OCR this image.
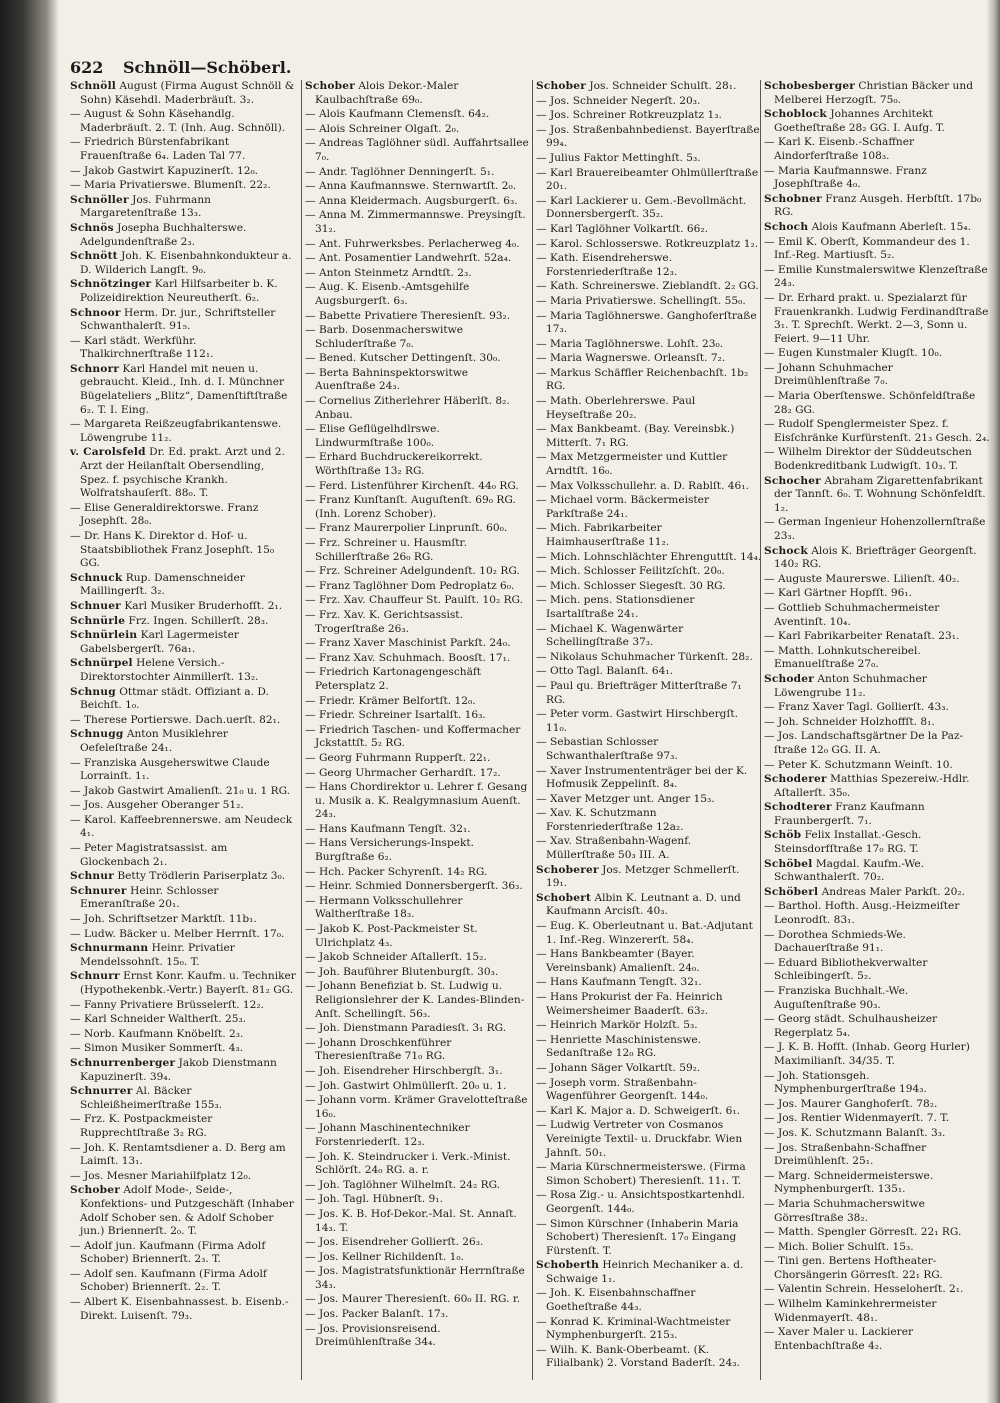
622 Schnöll—Schöberl.
Schnöll August (Firma August Schnöll & Sohn) Käsehdl. Maderbräuſt. 3₂.
— August & Sohn Käsehandlg. Maderbräuſt. 2. T. (Inh. Aug. Schnöll).
— Friedrich Bürstenfabrikant Frauenſtraße 6₄. Laden Tal 77.
— Jakob Gastwirt Kapuzinerſt. 12₀.
— Maria Privatierswe. Blumenſt. 22₂.
Schnöller Jos. Fuhrmann Margaretenſtraße 13₃.
Schnös Josepha Buchhalterswe. Adelgundenſtraße 2₃.
Schnött Joh. K. Eisenbahnkondukteur a. D. Wilderich Langſt. 9₀.
Schnötzinger Karl Hilfsarbeiter b. K. Polizeidirektion Neureutherſt. 6₂.
Schnoor Herm. Dr. jur., Schriftsteller Schwanthalerſt. 91₅.
— Karl städt. Werkführ. Thalkirchnerſtraße 112₁.
Schnorr Karl Handel mit neuen u. gebraucht. Kleid., Inh. d. I. Münchner Bügelateliers „Blitz“, Damenſtiftſtraße 6₂. T. I. Eing.
— Margareta Reißzeugfabrikantenswe. Löwengrube 11₂.
v. Carolsfeld Dr. Ed. prakt. Arzt und 2. Arzt der Heilanſtalt Obersendling, Spez. f. psychische Krankh. Wolfratshauſerſt. 88₀. T.
— Elise Generaldirektorswe. Franz Josephſt. 28₀.
— Dr. Hans K. Direktor d. Hof- u. Staatsbibliothek Franz Josephſt. 15₀ GG.
Schnuck Rup. Damenschneider Maillingerſt. 3₂.
Schnuer Karl Musiker Bruderhofſt. 2₁.
Schnürle Frz. Ingen. Schillerſt. 28₃.
Schnürlein Karl Lagermeister Gabelsbergerſt. 76a₁.
Schnürpel Helene Versich.-Direktorstochter Ainmillerſt. 13₂.
Schnug Ottmar städt. Offiziant a. D. Beichſt. 1₀.
— Therese Portierswe. Dach.uerſt. 82₁.
Schnugg Anton Musiklehrer Oefeleſtraße 24₁.
— Franziska Ausgeherswitwe Claude Lorrainſt. 1₁.
— Jakob Gastwirt Amalienſt. 21₀ u. 1 RG.
— Jos. Ausgeher Oberanger 51₂.
— Karol. Kaffeebrennerswe. am Neudeck 4₁.
— Peter Magistratsassist. am Glockenbach 2₁.
Schnur Betty Trödlerin Pariserplatz 3₀.
Schnurer Heinr. Schlosser Emeranſtraße 20₁.
— Joh. Schriftsetzer Marktſt. 11b₁.
— Ludw. Bäcker u. Melber Herrnſt. 17₀.
Schnurmann Heinr. Privatier Mendelssohnſt. 15₀. T.
Schnurr Ernst Konr. Kaufm. u. Techniker (Hypothekenbk.-Vertr.) Bayerſt. 81₂ GG.
— Fanny Privatiere Brüsselerſt. 12₂.
— Karl Schneider Waltherſt. 25₃.
— Norb. Kaufmann Knöbelſt. 2₃.
— Simon Musiker Sommerſt. 4₃.
Schnurrenberger Jakob Dienstmann Kapuzinerſt. 39₄.
Schnurrer Al. Bäcker Schleißheimerſtraße 155₃.
— Frz. K. Postpackmeister Rupprechtſtraße 3₂ RG.
— Joh. K. Rentamtsdiener a. D. Berg am Laimſt. 13₁.
— Jos. Mesner Mariahilfplatz 12₀.
Schober Adolf Mode-, Seide-, Konfektions- und Putzgeschäft (Inhaber Adolf Schober sen. & Adolf Schober jun.) Briennerſt. 2₀. T.
— Adolf jun. Kaufmann (Firma Adolf Schober) Briennerſt. 2₃. T.
— Adolf sen. Kaufmann (Firma Adolf Schober) Briennerſt. 2₂. T.
— Albert K. Eisenbahnassest. b. Eisenb.-Direkt. Luisenſt. 79₃.
Schober Alois Dekor.-Maler Kaulbachſtraße 69₀.
— Alois Kaufmann Clemensſt. 64₂.
— Alois Schreiner Olgaſt. 2₀.
— Andreas Taglöhner südl. Auffahrtsallee 7₀.
— Andr. Taglöhner Denningerſt. 5₁.
— Anna Kaufmannswe. Sternwartſt. 2₀.
— Anna Kleidermach. Augsburgerſt. 6₃.
— Anna M. Zimmermannswe. Preysingſt. 31₂.
— Ant. Fuhrwerksbes. Perlacherweg 4₀.
— Ant. Posamentier Landwehrſt. 52a₄.
— Anton Steinmetz Arndtſt. 2₃.
— Aug. K. Eisenb.-Amtsgehilfe Augsburgerſt. 6₃.
— Babette Privatiere Theresienſt. 93₂.
— Barb. Dosenmacherswitwe Schluderſtraße 7₀.
— Bened. Kutscher Dettingenſt. 30₀.
— Berta Bahninspektorswitwe Auenſtraße 24₃.
— Cornelius Zitherlehrer Häberlſt. 8₂. Anbau.
— Elise Geflügelhdlrswe. Lindwurmſtraße 100₀.
— Erhard Buchdruckereikorrekt. Wörthſtraße 13₂ RG.
— Ferd. Listenführer Kirchenſt. 44₀ RG.
— Franz Kunſtanſt. Auguſtenſt. 69₀ RG. (Inh. Lorenz Schober).
— Franz Maurerpolier Linprunſt. 60₀.
— Frz. Schreiner u. Hausmſtr. Schillerſtraße 26₀ RG.
— Frz. Schreiner Adelgundenſt. 10₂ RG.
— Franz Taglöhner Dom Pedroplatz 6₀.
— Frz. Xav. Chauffeur St. Paulſt. 10₂ RG.
— Frz. Xav. K. Gerichtsassist. Trogerſtraße 26₃.
— Franz Xaver Maschinist Parkſt. 24₀.
— Franz Xav. Schuhmach. Boosſt. 17₁.
— Friedrich Kartonagengeschäft Petersplatz 2.
— Friedr. Krämer Belfortſt. 12₀.
— Friedr. Schreiner Isartalſt. 16₃.
— Friedrich Taschen- und Koffermacher Jckstattſt. 5₂ RG.
— Georg Fuhrmann Rupperſt. 22₁.
— Georg Uhrmacher Gerhardſt. 17₂.
— Hans Chordirektor u. Lehrer f. Gesang u. Musik a. K. Realgymnasium Auenſt. 24₃.
— Hans Kaufmann Tengſt. 32₁.
— Hans Versicherungs-Inspekt. Burgſtraße 6₂.
— Hch. Packer Schyrenſt. 14₂ RG.
— Heinr. Schmied Donnersbergerſt. 36₃.
— Hermann Volksschullehrer Waltherſtraße 18₃.
— Jakob K. Post-Packmeister St. Ulrichplatz 4₃.
— Jakob Schneider Aſtallerſt. 15₂.
— Joh. Bauführer Blutenburgſt. 30₃.
— Johann Benefiziat b. St. Ludwig u. Religionslehrer der K. Landes-Blinden-Anſt. Schellingſt. 56₃.
— Joh. Dienstmann Paradiesſt. 3₁ RG.
— Johann Droschkenführer Theresienſtraße 71₀ RG.
— Joh. Eisendreher Hirschbergſt. 3₁.
— Joh. Gastwirt Ohlmüllerſt. 20₀ u. 1.
— Johann vorm. Krämer Gravelotteſtraße 16₀.
— Johann Maschinentechniker Forstenriederſt. 12₃.
— Joh. K. Steindrucker i. Verk.-Minist. Schlörſt. 24₀ RG. a. r.
— Joh. Taglöhner Wilhelmſt. 24₂ RG.
— Joh. Tagl. Hübnerſt. 9₁.
— Jos. K. B. Hof-Dekor.-Mal. St. Annaſt. 14₃. T.
— Jos. Eisendreher Gollierſt. 26₃.
— Jos. Kellner Richildenſt. 1₀.
— Jos. Magistratsfunktionär Herrnſtraße 34₃.
— Jos. Maurer Theresienſt. 60₀ II. RG. r.
— Jos. Packer Balanſt. 17₃.
— Jos. Provisionsreisend. Dreimühlenſtraße 34₄.
Schober Jos. Schneider Schulſt. 28₁.
— Jos. Schneider Negerſt. 20₃.
— Jos. Schreiner Rotkreuzplatz 1₃.
— Jos. Straßenbahnbedienst. Bayerſtraße 99₄.
— Julius Faktor Mettinghſt. 5₃.
— Karl Brauereibeamter Ohlmüllerſtraße 20₁.
— Karl Lackierer u. Gem.-Bevollmächt. Donnersbergerſt. 35₂.
— Karl Taglöhner Volkartſt. 66₂.
— Karol. Schlosserswe. Rotkreuzplatz 1₂.
— Kath. Eisendreherswe. Forstenriederſtraße 12₃.
— Kath. Schreinerswe. Zieblandſt. 2₂ GG.
— Maria Privatierswe. Schellingſt. 55₀.
— Maria Taglöhnerswe. Ganghoferſtraße 17₃.
— Maria Taglöhnerswe. Lohſt. 23₀.
— Maria Wagnerswe. Orleansſt. 7₂.
— Markus Schäffler Reichenbachſt. 1b₂ RG.
— Math. Oberlehrerswe. Paul Heyseſtraße 20₂.
— Max Bankbeamt. (Bay. Vereinsbk.) Mitterſt. 7₁ RG.
— Max Metzgermeister und Kuttler Arndtſt. 16₀.
— Max Volksschullehr. a. D. Rablſt. 46₁.
— Michael vorm. Bäckermeister Parkſtraße 24₁.
— Mich. Fabrikarbeiter Haimhauserſtraße 11₂.
— Mich. Lohnschlächter Ehrenguttſt. 14₄.
— Mich. Schlosser Feilitzſchſt. 20₀.
— Mich. Schlosser Siegesſt. 30 RG.
— Mich. pens. Stationsdiener Isartalſtraße 24₁.
— Michael K. Wagenwärter Schellingſtraße 37₃.
— Nikolaus Schuhmacher Türkenſt. 28₂.
— Otto Tagl. Balanſt. 64₁.
— Paul qu. Briefträger Mitterſtraße 7₁ RG.
— Peter vorm. Gastwirt Hirschbergſt. 11₀.
— Sebastian Schlosser Schwanthalerſtraße 97₃.
— Xaver Instrumententräger bei der K. Hofmusik Zeppelinſt. 8₄.
— Xaver Metzger unt. Anger 15₃.
— Xav. K. Schutzmann Forstenriederſtraße 12a₂.
— Xav. Straßenbahn-Wagenf. Müllerſtraße 50₃ III. A.
Schoberer Jos. Metzger Schmellerſt. 19₁.
Schobert Albin K. Leutnant a. D. und Kaufmann Arcisſt. 40₃.
— Eug. K. Oberleutnant u. Bat.-Adjutant 1. Inf.-Reg. Winzererſt. 58₄.
— Hans Bankbeamter (Bayer. Vereinsbank) Amalienſt. 24₀.
— Hans Kaufmann Tengſt. 32₁.
— Hans Prokurist der Fa. Heinrich Weimersheimer Baaderſt. 63₂.
— Heinrich Markör Holzſt. 5₃.
— Henriette Maschinistenswe. Sedanſtraße 12₀ RG.
— Johann Säger Volkartſt. 59₂.
— Joseph vorm. Straßenbahn-Wagenführer Georgenſt. 144₀.
— Karl K. Major a. D. Schweigerſt. 6₁.
— Ludwig Vertreter von Cosmanos Vereinigte Textil- u. Druckfabr. Wien Jahnſt. 50₁.
— Maria Kürschnermeisterswe. (Firma Simon Schobert) Theresienſt. 11₁. T.
— Rosa Zig.- u. Ansichtspostkartenhdl. Georgenſt. 144₀.
— Simon Kürschner (Inhaberin Maria Schobert) Theresienſt. 17₀ Eingang Fürstenſt. T.
Schoberth Heinrich Mechaniker a. d. Schwaige 1₁.
— Joh. K. Eisenbahnschaffner Goetheſtraße 44₃.
— Konrad K. Kriminal-Wachtmeister Nymphenburgerſt. 215₃.
— Wilh. K. Bank-Oberbeamt. (K. Filialbank) 2. Vorstand Baderſt. 24₃.
Schobesberger Christian Bäcker und Melberei Herzogſt. 75₀.
Schoblock Johannes Architekt Goetheſtraße 28₂ GG. I. Aufg. T.
— Karl K. Eisenb.-Schaffner Aindorferſtraße 108₃.
— Maria Kaufmannswe. Franz Josephſtraße 4₀.
Schobner Franz Ausgeh. Herbſtſt. 17b₀ RG.
Schoch Alois Kaufmann Aberleſt. 15₄.
— Emil K. Oberſt, Kommandeur des 1. Inf.-Reg. Martiusſt. 5₂.
— Emilie Kunstmalerswitwe Klenzeſtraße 24₃.
— Dr. Erhard prakt. u. Spezialarzt für Frauenkrankh. Ludwig Ferdinandſtraße 3₁. T. Sprechſt. Werkt. 2—3, Sonn u. Feiert. 9—11 Uhr.
— Eugen Kunstmaler Klugſt. 10₀.
— Johann Schuhmacher Dreimühlenſtraße 7₀.
— Maria Oberſtenswe. Schönfeldſtraße 28₂ GG.
— Rudolf Spenglermeister Spez. f. Eisſchränke Kurfürstenſt. 21₃ Gesch. 2₄.
— Wilhelm Direktor der Süddeutschen Bodenkreditbank Ludwigſt. 10₃. T.
Schocher Abraham Zigarettenfabrikant der Tannſt. 6₀. T. Wohnung Schönfeldſt. 1₂.
— German Ingenieur Hohenzollernſtraße 23₃.
Schock Alois K. Briefträger Georgenſt. 140₂ RG.
— Auguste Maurerswe. Lilienſt. 40₂.
— Karl Gärtner Hopfſt. 96₁.
— Gottlieb Schuhmachermeister Aventinſt. 10₄.
— Karl Fabrikarbeiter Renataſt. 23₁.
— Matth. Lohnkutschereibel. Emanuelſtraße 27₀.
Schoder Anton Schuhmacher Löwengrube 11₂.
— Franz Xaver Tagl. Gollierſt. 43₃.
— Joh. Schneider Holzhoffſt. 8₁.
— Jos. Landschaftsgärtner De la Paz-ſtraße 12₀ GG. II. A.
— Peter K. Schutzmann Weinſt. 10.
Schoderer Matthias Spezereiw.-Hdlr. Aſtallerſt. 35₀.
Schodterer Franz Kaufmann Fraunbergerſt. 7₁.
Schöb Felix Installat.-Gesch. Steinsdorfſtraße 17₀ RG. T.
Schöbel Magdal. Kaufm.-We. Schwanthalerſt. 70₂.
Schöberl Andreas Maler Parkſt. 20₂.
— Barthol. Hofth. Ausg.-Heizmeiſter Leonrodſt. 83₁.
— Dorothea Schmieds-We. Dachauerſtraße 91₁.
— Eduard Bibliothekverwalter Schleibingerſt. 5₂.
— Franziska Buchhalt.-We. Auguſtenſtraße 90₃.
— Georg städt. Schulhausheizer Regerplatz 5₄.
— J. K. B. Hofſt. (Inhab. Georg Hurler) Maximilianſt. 34/35. T.
— Joh. Stationsgeh. Nymphenburgerſtraße 194₃.
— Jos. Maurer Ganghoferſt. 78₂.
— Jos. Rentier Widenmayerſt. 7. T.
— Jos. K. Schutzmann Balanſt. 3₃.
— Jos. Straßenbahn-Schaffner Dreimühlenſt. 25₁.
— Marg. Schneidermeisterswe. Nymphenburgerſt. 135₁.
— Maria Schuhmacherswitwe Görresſtraße 38₂.
— Matth. Spengler Görresſt. 22₁ RG.
— Mich. Bolier Schulſt. 15₃.
— Tini gen. Bertens Hoftheater-Chorsängerin Görresſt. 22₁ RG.
— Valentin Schrein. Hesseloherſt. 2₁.
— Wilhelm Kaminkehrermeister Widenmayerſt. 48₁.
— Xaver Maler u. Lackierer Entenbachſtraße 4₂.
